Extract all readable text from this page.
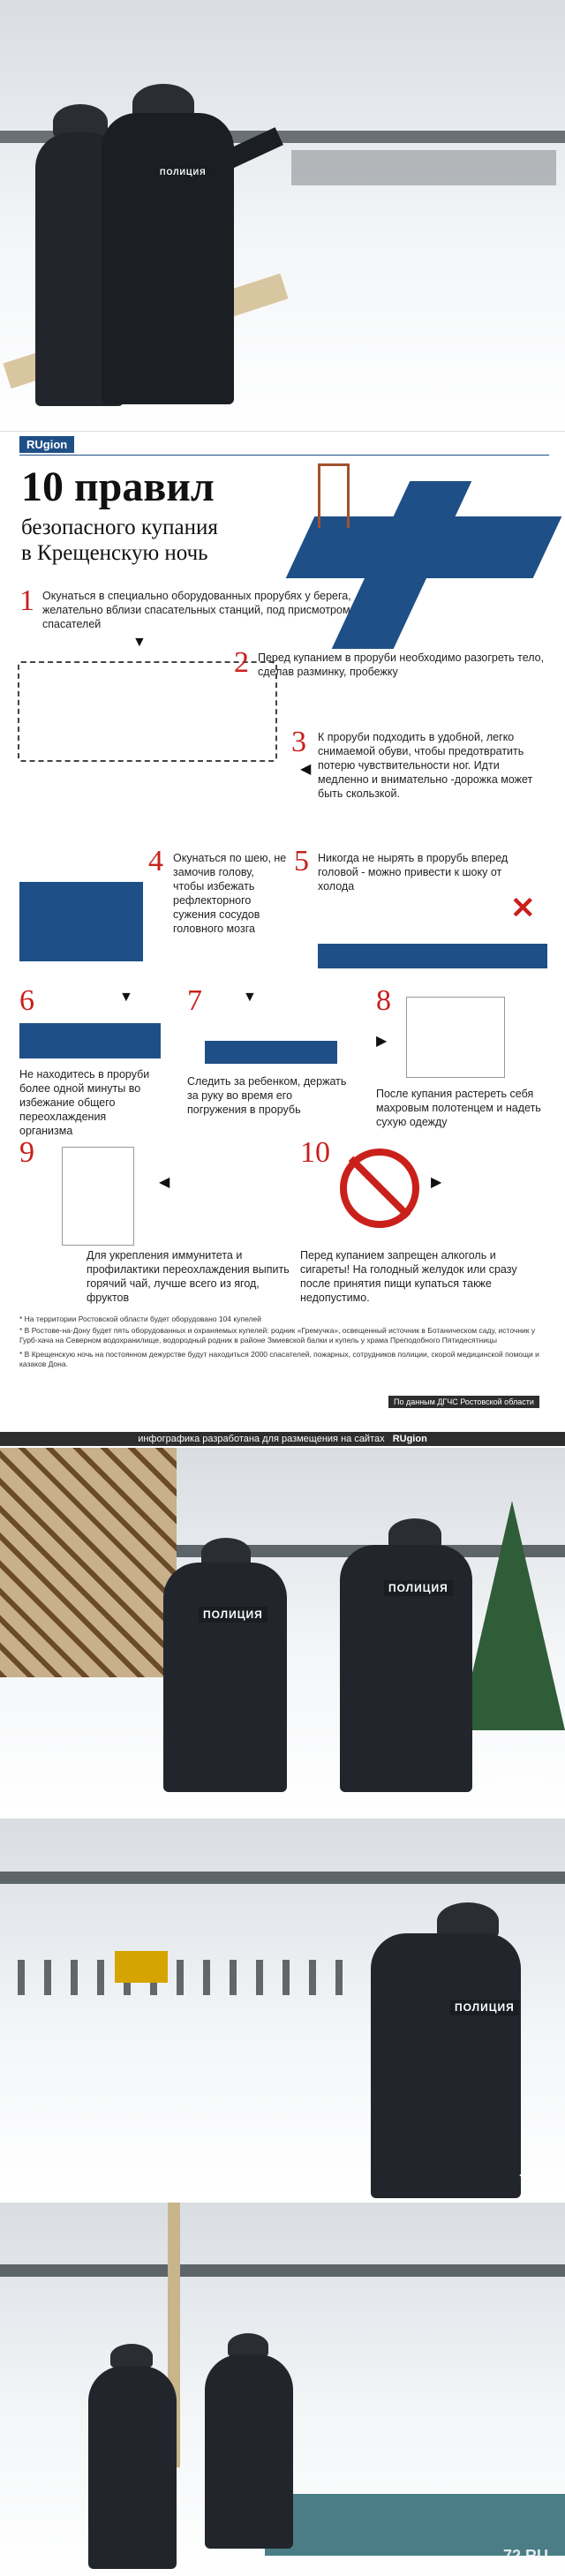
ПОЛИЦИЯ
RUgion
10 правил
безопасного купания
в Крещенскую ночь
1 Окунаться в специально оборудованных прорубях у берега, желательно вблизи спасательных станций, под присмотром спасателей
▼
2 Перед купанием в проруби необходимо разогреть тело, сделав разминку, пробежку
3
◀
К проруби подходить в удобной, легко снимаемой обуви, чтобы предотвратить потерю чувствительности ног. Идти медленно и внимательно -дорожка может быть скользкой.
4 Окунаться по шею, не замочив голову, чтобы избежать рефлекторного сужения сосудов головного мозга
5 Никогда не нырять в прорубь вперед головой - можно привести к шоку от холода
✕
6	▼
Не находитесь в проруби более одной минуты во избежание общего переохлаждения организма
7	▼
Следить за ребенком, держать за руку во время его погружения в прорубь
8
▶
После купания растереть себя махровым полотенцем и надеть сухую одежду
9
◀
Для укрепления иммунитета и профилактики переохлаждения выпить горячий чай, лучше всего из ягод, фруктов
10
▶
Перед купанием запрещен алкоголь и сигареты! На голодный желудок или сразу после принятия пищи купаться также недопустимо.
* На территории Ростовской области будет оборудовано 104 купелей
* В Ростове-на-Дону будет пять оборудованных и охраняемых купелей: родник «Гремучка», освещенный источник в Ботаническом саду, источник у Гурб-хача на Северном водохранилище, водородный родник в районе Змиевской балки и купель у храма Преподобного Пятидесятницы
* В Крещенскую ночь на постоянном дежурстве будут находиться 2000 спасателей, пожарных, сотрудников полиции, скорой медицинской помощи и казаков Дона.
По данным ДГЧС Ростовской области
инфографика разработана для размещения на сайтах RUgion
ПОЛИЦИЯ
ПОЛИЦИЯ
72.RU
ПОЛИЦИЯ
72.RU
72.RU
